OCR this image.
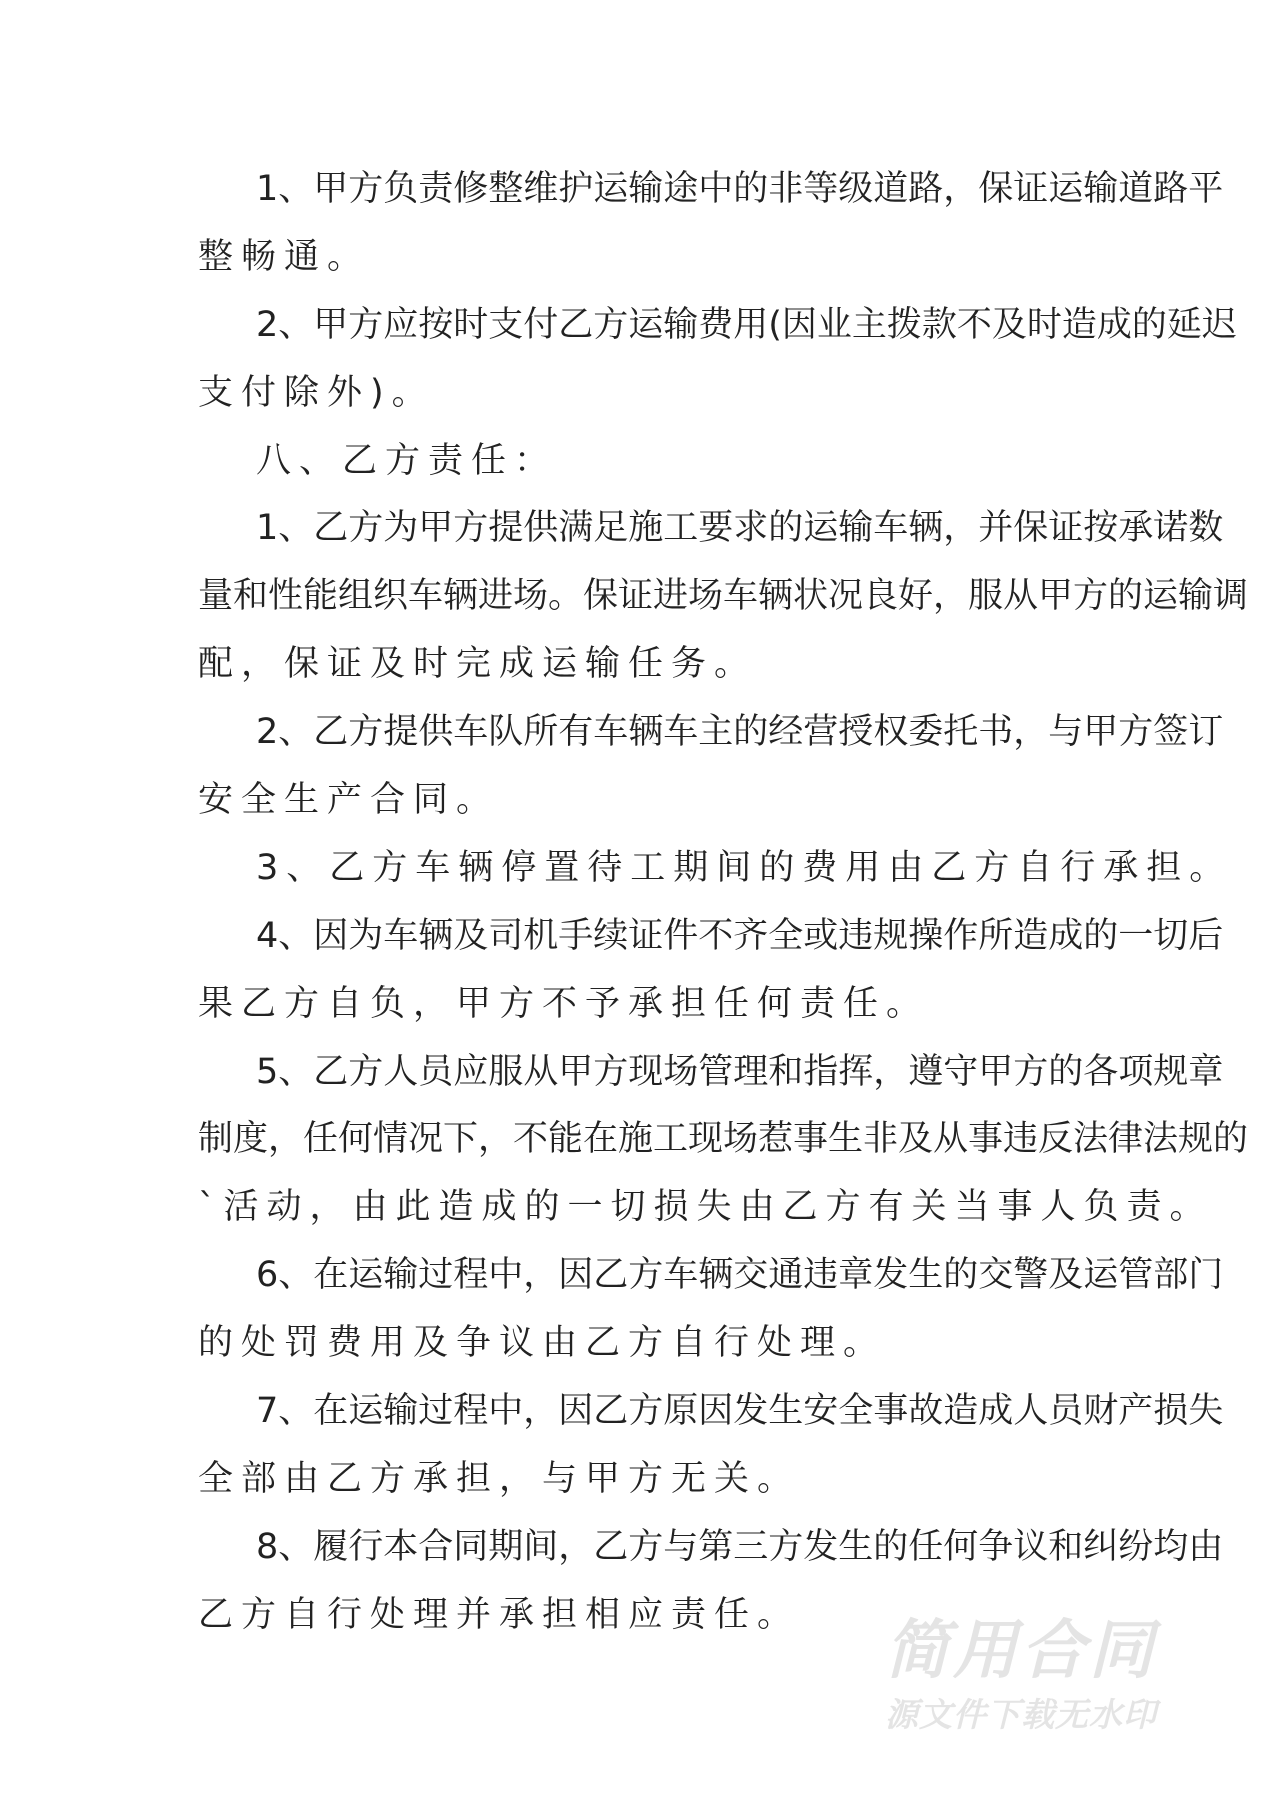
1、甲方负责修整维护运输途中的非等级道路，保证运输道路平
整畅通。
2、甲方应按时支付乙方运输费用(因业主拨款不及时造成的延迟
支付除外)。
八、乙方责任：
1、乙方为甲方提供满足施工要求的运输车辆，并保证按承诺数
量和性能组织车辆进场。保证进场车辆状况良好，服从甲方的运输调
配，保证及时完成运输任务。
2、乙方提供车队所有车辆车主的经营授权委托书，与甲方签订
安全生产合同。
3、乙方车辆停置待工期间的费用由乙方自行承担。
4、因为车辆及司机手续证件不齐全或违规操作所造成的一切后
果乙方自负，甲方不予承担任何责任。
5、乙方人员应服从甲方现场管理和指挥，遵守甲方的各项规章
制度，任何情况下，不能在施工现场惹事生非及从事违反法律法规的
`活动，由此造成的一切损失由乙方有关当事人负责。
6、在运输过程中，因乙方车辆交通违章发生的交警及运管部门
的处罚费用及争议由乙方自行处理。
7、在运输过程中，因乙方原因发生安全事故造成人员财产损失
全部由乙方承担，与甲方无关。
8、履行本合同期间，乙方与第三方发生的任何争议和纠纷均由
乙方自行处理并承担相应责任。	简用合同
源文件下载无水印
